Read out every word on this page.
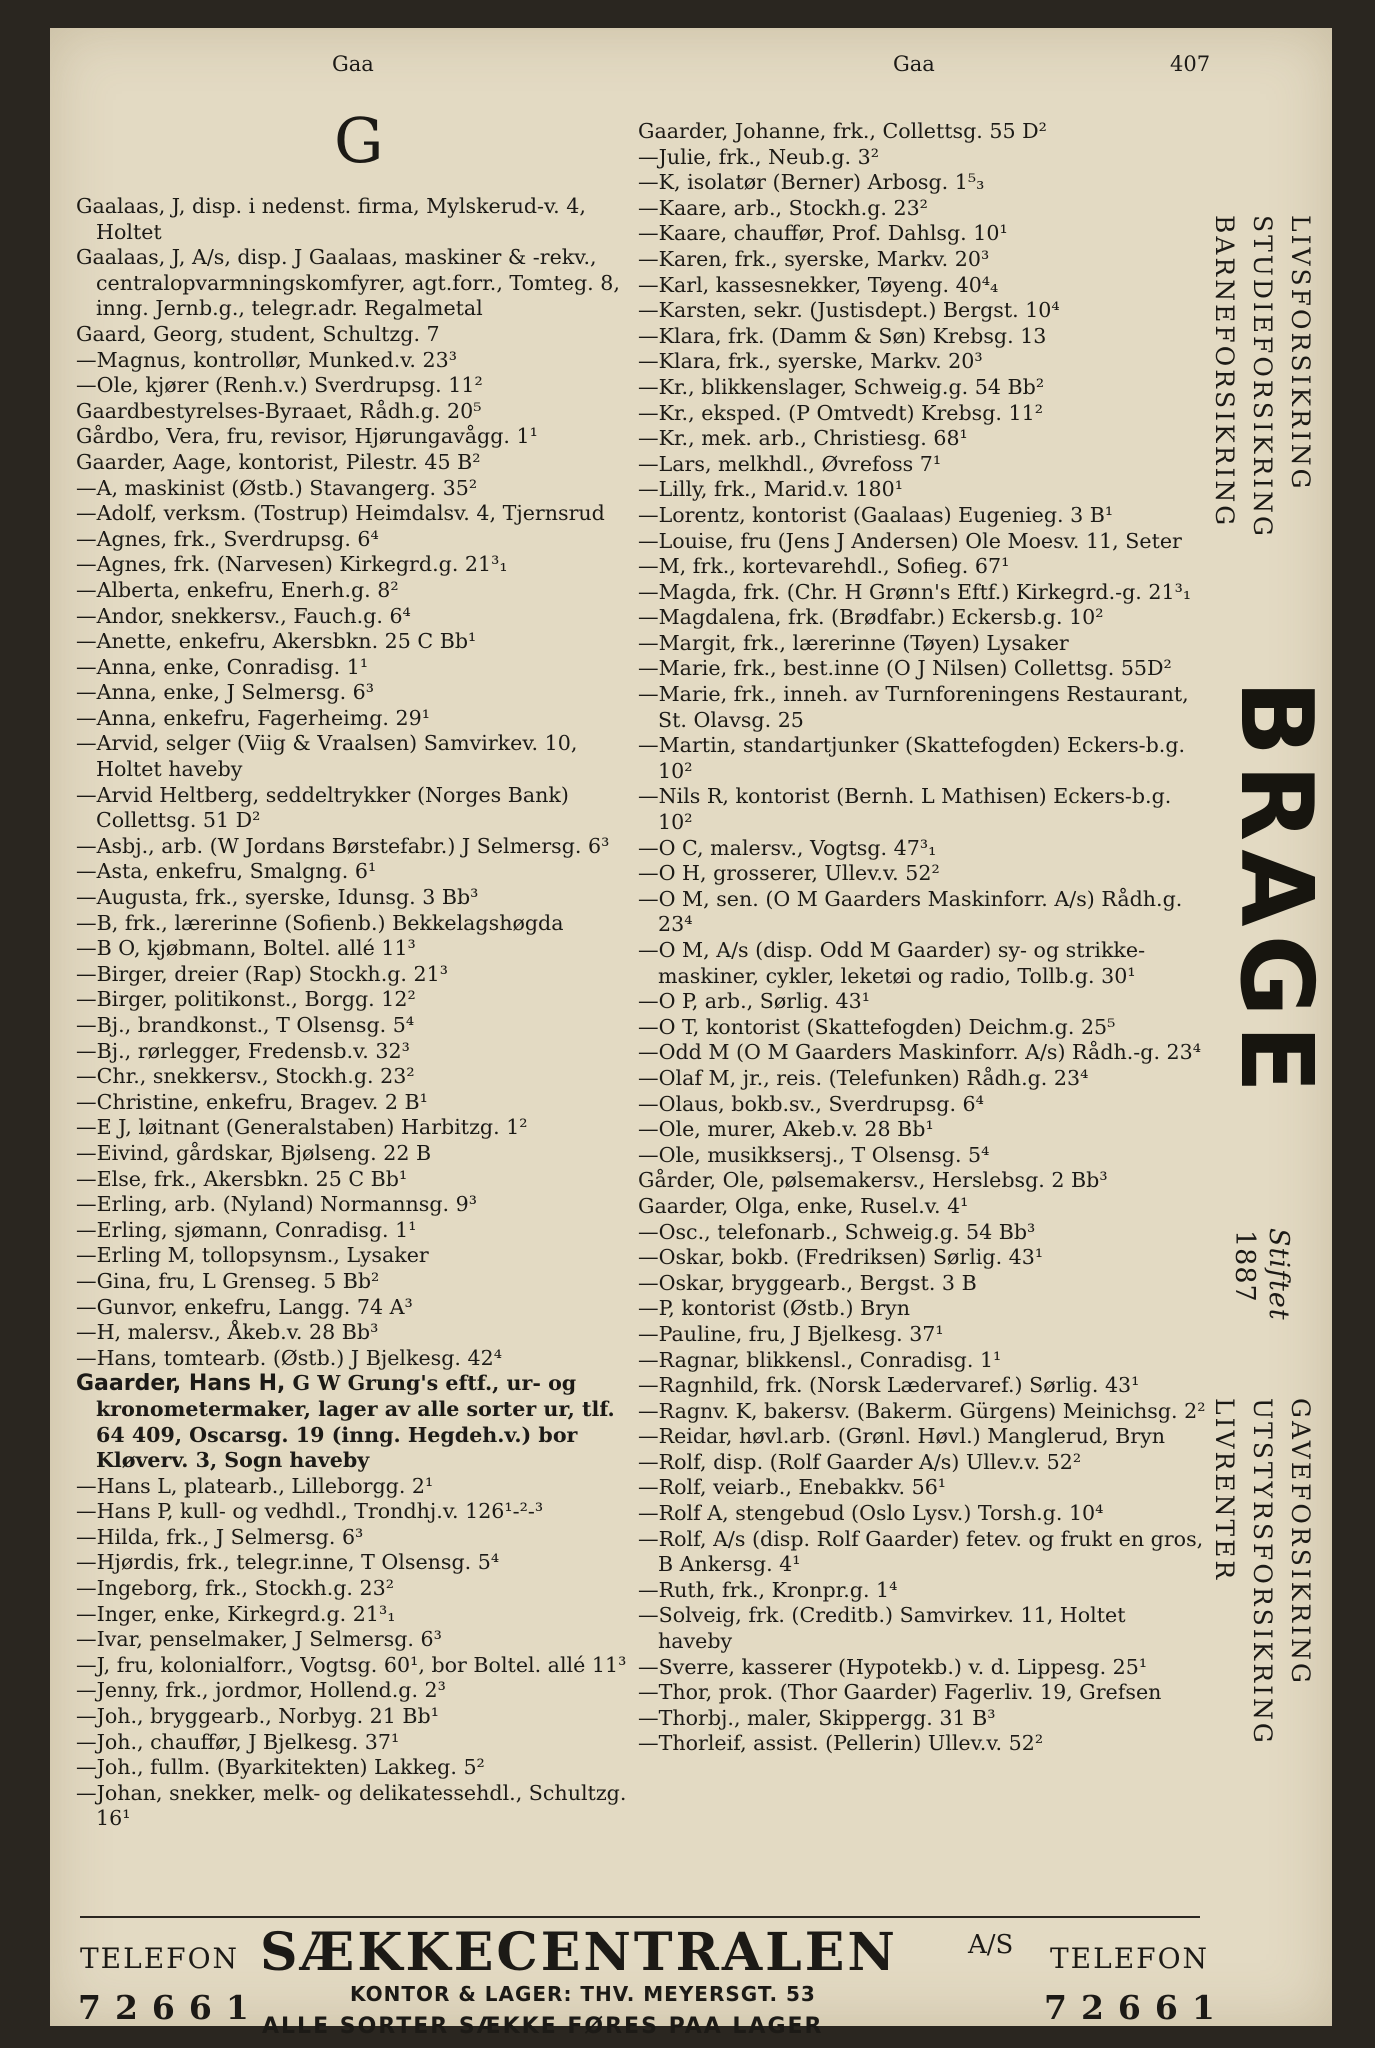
Gaa	Gaa	407
G

Gaalaas, J, disp. i nedenst. firma, Mylskerud-v. 4, Holtet

Gaalaas, J, A/s, disp. J Gaalaas, maskiner & -rekv., centralopvarmningskomfyrer, agt.forr., Tomteg. 8, inng. Jernb.g., telegr.adr. Regalmetal

Gaard, Georg, student, Schultzg. 7

—Magnus, kontrollør, Munked.v. 23³

—Ole, kjører (Renh.v.) Sverdrupsg. 11²

Gaardbestyrelses-Byraaet, Rådh.g. 20⁵

Gårdbo, Vera, fru, revisor, Hjørungavågg. 1¹

Gaarder, Aage, kontorist, Pilestr. 45 B²

—A, maskinist (Østb.) Stavangerg. 35²

—Adolf, verksm. (Tostrup) Heimdalsv. 4, Tjernsrud

—Agnes, frk., Sverdrupsg. 6⁴

—Agnes, frk. (Narvesen) Kirkegrd.g. 21³₁

—Alberta, enkefru, Enerh.g. 8²

—Andor, snekkersv., Fauch.g. 6⁴

—Anette, enkefru, Akersbkn. 25 C Bb¹

—Anna, enke, Conradisg. 1¹

—Anna, enke, J Selmersg. 6³

—Anna, enkefru, Fagerheimg. 29¹

—Arvid, selger (Viig & Vraalsen) Samvirkev. 10, Holtet haveby

—Arvid Heltberg, seddeltrykker (Norges Bank) Collettsg. 51 D²

—Asbj., arb. (W Jordans Børstefabr.) J Selmersg. 6³

—Asta, enkefru, Smalgng. 6¹

—Augusta, frk., syerske, Idunsg. 3 Bb³

—B, frk., lærerinne (Sofienb.) Bekkelagshøgda

—B O, kjøbmann, Boltel. allé 11³

—Birger, dreier (Rap) Stockh.g. 21³

—Birger, politikonst., Borgg. 12²

—Bj., brandkonst., T Olsensg. 5⁴

—Bj., rørlegger, Fredensb.v. 32³

—Chr., snekkersv., Stockh.g. 23²

—Christine, enkefru, Bragev. 2 B¹

—E J, løitnant (Generalstaben) Harbitzg. 1²

—Eivind, gårdskar, Bjølseng. 22 B

—Else, frk., Akersbkn. 25 C Bb¹

—Erling, arb. (Nyland) Normannsg. 9³

—Erling, sjømann, Conradisg. 1¹

—Erling M, tollopsynsm., Lysaker

—Gina, fru, L Grenseg. 5 Bb²

—Gunvor, enkefru, Langg. 74 A³

—H, malersv., Åkeb.v. 28 Bb³

—Hans, tomtearb. (Østb.) J Bjelkesg. 42⁴

Gaarder, Hans H, G W Grung's eftf., ur- og kronometermaker, lager av alle sorter ur, tlf. 64 409, Oscarsg. 19 (inng. Hegdeh.v.) bor Kløverv. 3, Sogn haveby

—Hans L, platearb., Lilleborgg. 2¹

—Hans P, kull- og vedhdl., Trondhj.v. 126¹-²-³

—Hilda, frk., J Selmersg. 6³

—Hjørdis, frk., telegr.inne, T Olsensg. 5⁴

—Ingeborg, frk., Stockh.g. 23²

—Inger, enke, Kirkegrd.g. 21³₁

—Ivar, penselmaker, J Selmersg. 6³

—J, fru, kolonialforr., Vogtsg. 60¹, bor Boltel. allé 11³

—Jenny, frk., jordmor, Hollend.g. 2³

—Joh., bryggearb., Norbyg. 21 Bb¹

—Joh., chauffør, J Bjelkesg. 37¹

—Joh., fullm. (Byarkitekten) Lakkeg. 5²

—Johan, snekker, melk- og delikatessehdl., Schultzg. 16¹

Gaarder, Johanne, frk., Collettsg. 55 D²

—Julie, frk., Neub.g. 3²

—K, isolatør (Berner) Arbosg. 1⁵₃

—Kaare, arb., Stockh.g. 23²

—Kaare, chauffør, Prof. Dahlsg. 10¹

—Karen, frk., syerske, Markv. 20³

—Karl, kassesnekker, Tøyeng. 40⁴₄

—Karsten, sekr. (Justisdept.) Bergst. 10⁴

—Klara, frk. (Damm & Søn) Krebsg. 13

—Klara, frk., syerske, Markv. 20³

—Kr., blikkenslager, Schweig.g. 54 Bb²

—Kr., eksped. (P Omtvedt) Krebsg. 11²

—Kr., mek. arb., Christiesg. 68¹

—Lars, melkhdl., Øvrefoss 7¹

—Lilly, frk., Marid.v. 180¹

—Lorentz, kontorist (Gaalaas) Eugenieg. 3 B¹

—Louise, fru (Jens J Andersen) Ole Moesv. 11, Seter

—M, frk., kortevarehdl., Sofieg. 67¹

—Magda, frk. (Chr. H Grønn's Eftf.) Kirkegrd.-g. 21³₁

—Magdalena, frk. (Brødfabr.) Eckersb.g. 10²

—Margit, frk., lærerinne (Tøyen) Lysaker

—Marie, frk., best.inne (O J Nilsen) Collettsg. 55D²

—Marie, frk., inneh. av Turnforeningens Restaurant, St. Olavsg. 25

—Martin, standartjunker (Skattefogden) Eckers-b.g. 10²

—Nils R, kontorist (Bernh. L Mathisen) Eckers-b.g. 10²

—O C, malersv., Vogtsg. 47³₁

—O H, grosserer, Ullev.v. 52²

—O M, sen. (O M Gaarders Maskinforr. A/s) Rådh.g. 23⁴

—O M, A/s (disp. Odd M Gaarder) sy- og strikke-maskiner, cykler, leketøi og radio, Tollb.g. 30¹

—O P, arb., Sørlig. 43¹

—O T, kontorist (Skattefogden) Deichm.g. 25⁵

—Odd M (O M Gaarders Maskinforr. A/s) Rådh.-g. 23⁴

—Olaf M, jr., reis. (Telefunken) Rådh.g. 23⁴

—Olaus, bokb.sv., Sverdrupsg. 6⁴

—Ole, murer, Akeb.v. 28 Bb¹

—Ole, musikksersj., T Olsensg. 5⁴

Gårder, Ole, pølsemakersv., Herslebsg. 2 Bb³

Gaarder, Olga, enke, Rusel.v. 4¹

—Osc., telefonarb., Schweig.g. 54 Bb³

—Oskar, bokb. (Fredriksen) Sørlig. 43¹

—Oskar, bryggearb., Bergst. 3 B

—P, kontorist (Østb.) Bryn

—Pauline, fru, J Bjelkesg. 37¹

—Ragnar, blikkensl., Conradisg. 1¹

—Ragnhild, frk. (Norsk Lædervaref.) Sørlig. 43¹

—Ragnv. K, bakersv. (Bakerm. Gürgens) Meinichsg. 2²

—Reidar, høvl.arb. (Grønl. Høvl.) Manglerud, Bryn

—Rolf, disp. (Rolf Gaarder A/s) Ullev.v. 52²

—Rolf, veiarb., Enebakkv. 56¹

—Rolf A, stengebud (Oslo Lysv.) Torsh.g. 10⁴

—Rolf, A/s (disp. Rolf Gaarder) fetev. og frukt en gros, B Ankersg. 4¹

—Ruth, frk., Kronpr.g. 1⁴

—Solveig, frk. (Creditb.) Samvirkev. 11, Holtet haveby

—Sverre, kasserer (Hypotekb.) v. d. Lippesg. 25¹

—Thor, prok. (Thor Gaarder) Fagerliv. 19, Grefsen

—Thorbj., maler, Skippergg. 31 B³

—Thorleif, assist. (Pellerin) Ullev.v. 52²

LIVSFORSIKRING
STUDIEFORSIKRING
BARNEFORSIKRING
BRAGE
Stiftet
1887
GAVEFORSIKRING
UTSTYRSFORSIKRING
LIVRENTER
TELEFON
72661
SÆKKECENTRALEN	A/S
KONTOR & LAGER: THV. MEYERSGT. 53
ALLE SORTER SÆKKE FØRES PAA LAGER
TELEFON
72661
